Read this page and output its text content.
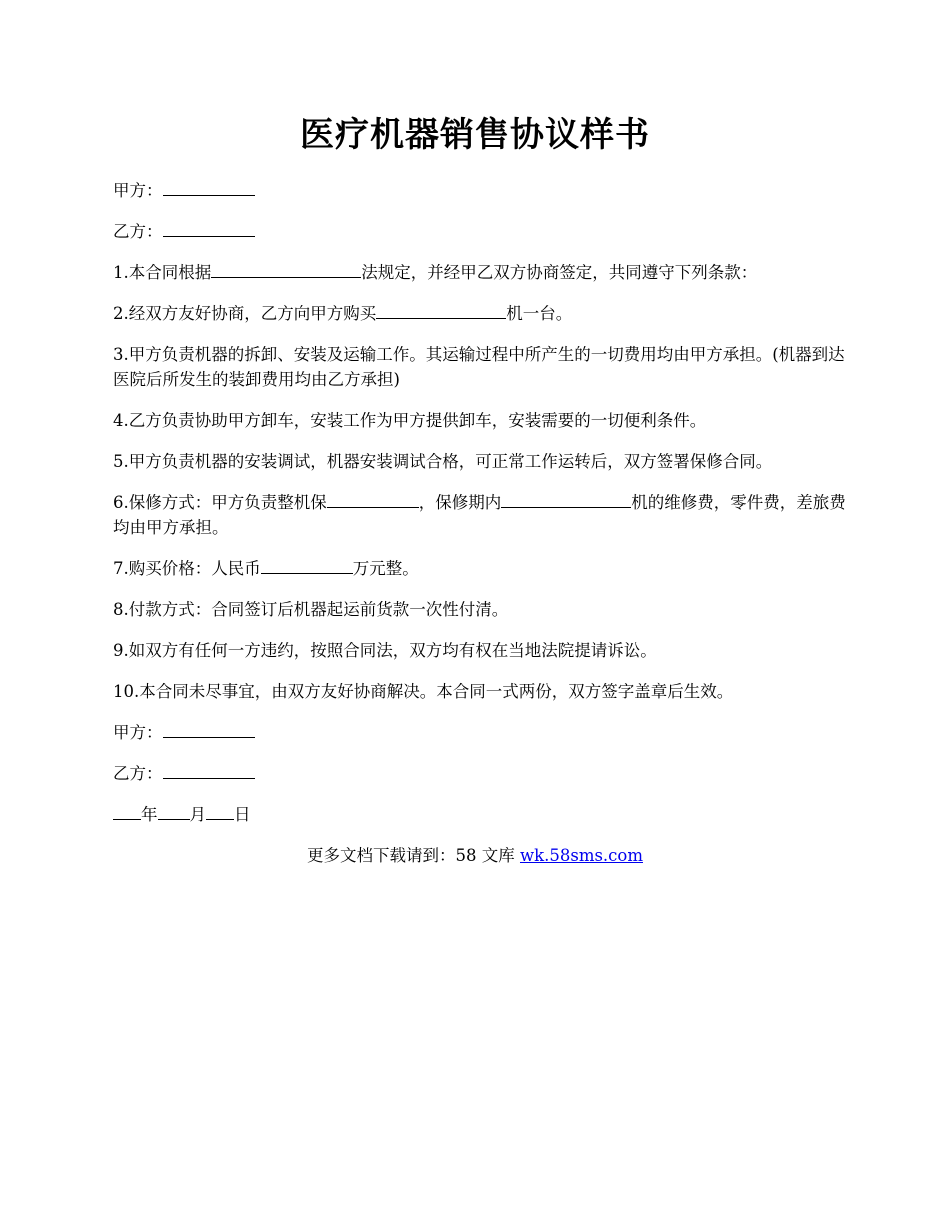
医疗机器销售协议样书

甲方：

乙方：

1.本合同根据	法规定，并经甲乙双方协商签定，共同遵守下列条款：

2.经双方友好协商，乙方向甲方购买	机一台。

3.甲方负责机器的拆卸、安装及运输工作。其运输过程中所产生的一切费用均由甲方承担。(机器到达医院后所发生的装卸费用均由乙方承担)

4.乙方负责协助甲方卸车，安装工作为甲方提供卸车，安装需要的一切便利条件。

5.甲方负责机器的安装调试，机器安装调试合格，可正常工作运转后，双方签署保修合同。

6.保修方式：甲方负责整机保	，保修期内	机的维修费，零件费，差旅费均由甲方承担。

7.购买价格：人民币	万元整。

8.付款方式：合同签订后机器起运前货款一次性付清。

9.如双方有任何一方违约，按照合同法，双方均有权在当地法院提请诉讼。

10.本合同未尽事宜，由双方友好协商解决。本合同一式两份，双方签字盖章后生效。

甲方：

乙方：

年 月 日

更多文档下载请到：58 文库 wk.58sms.com
